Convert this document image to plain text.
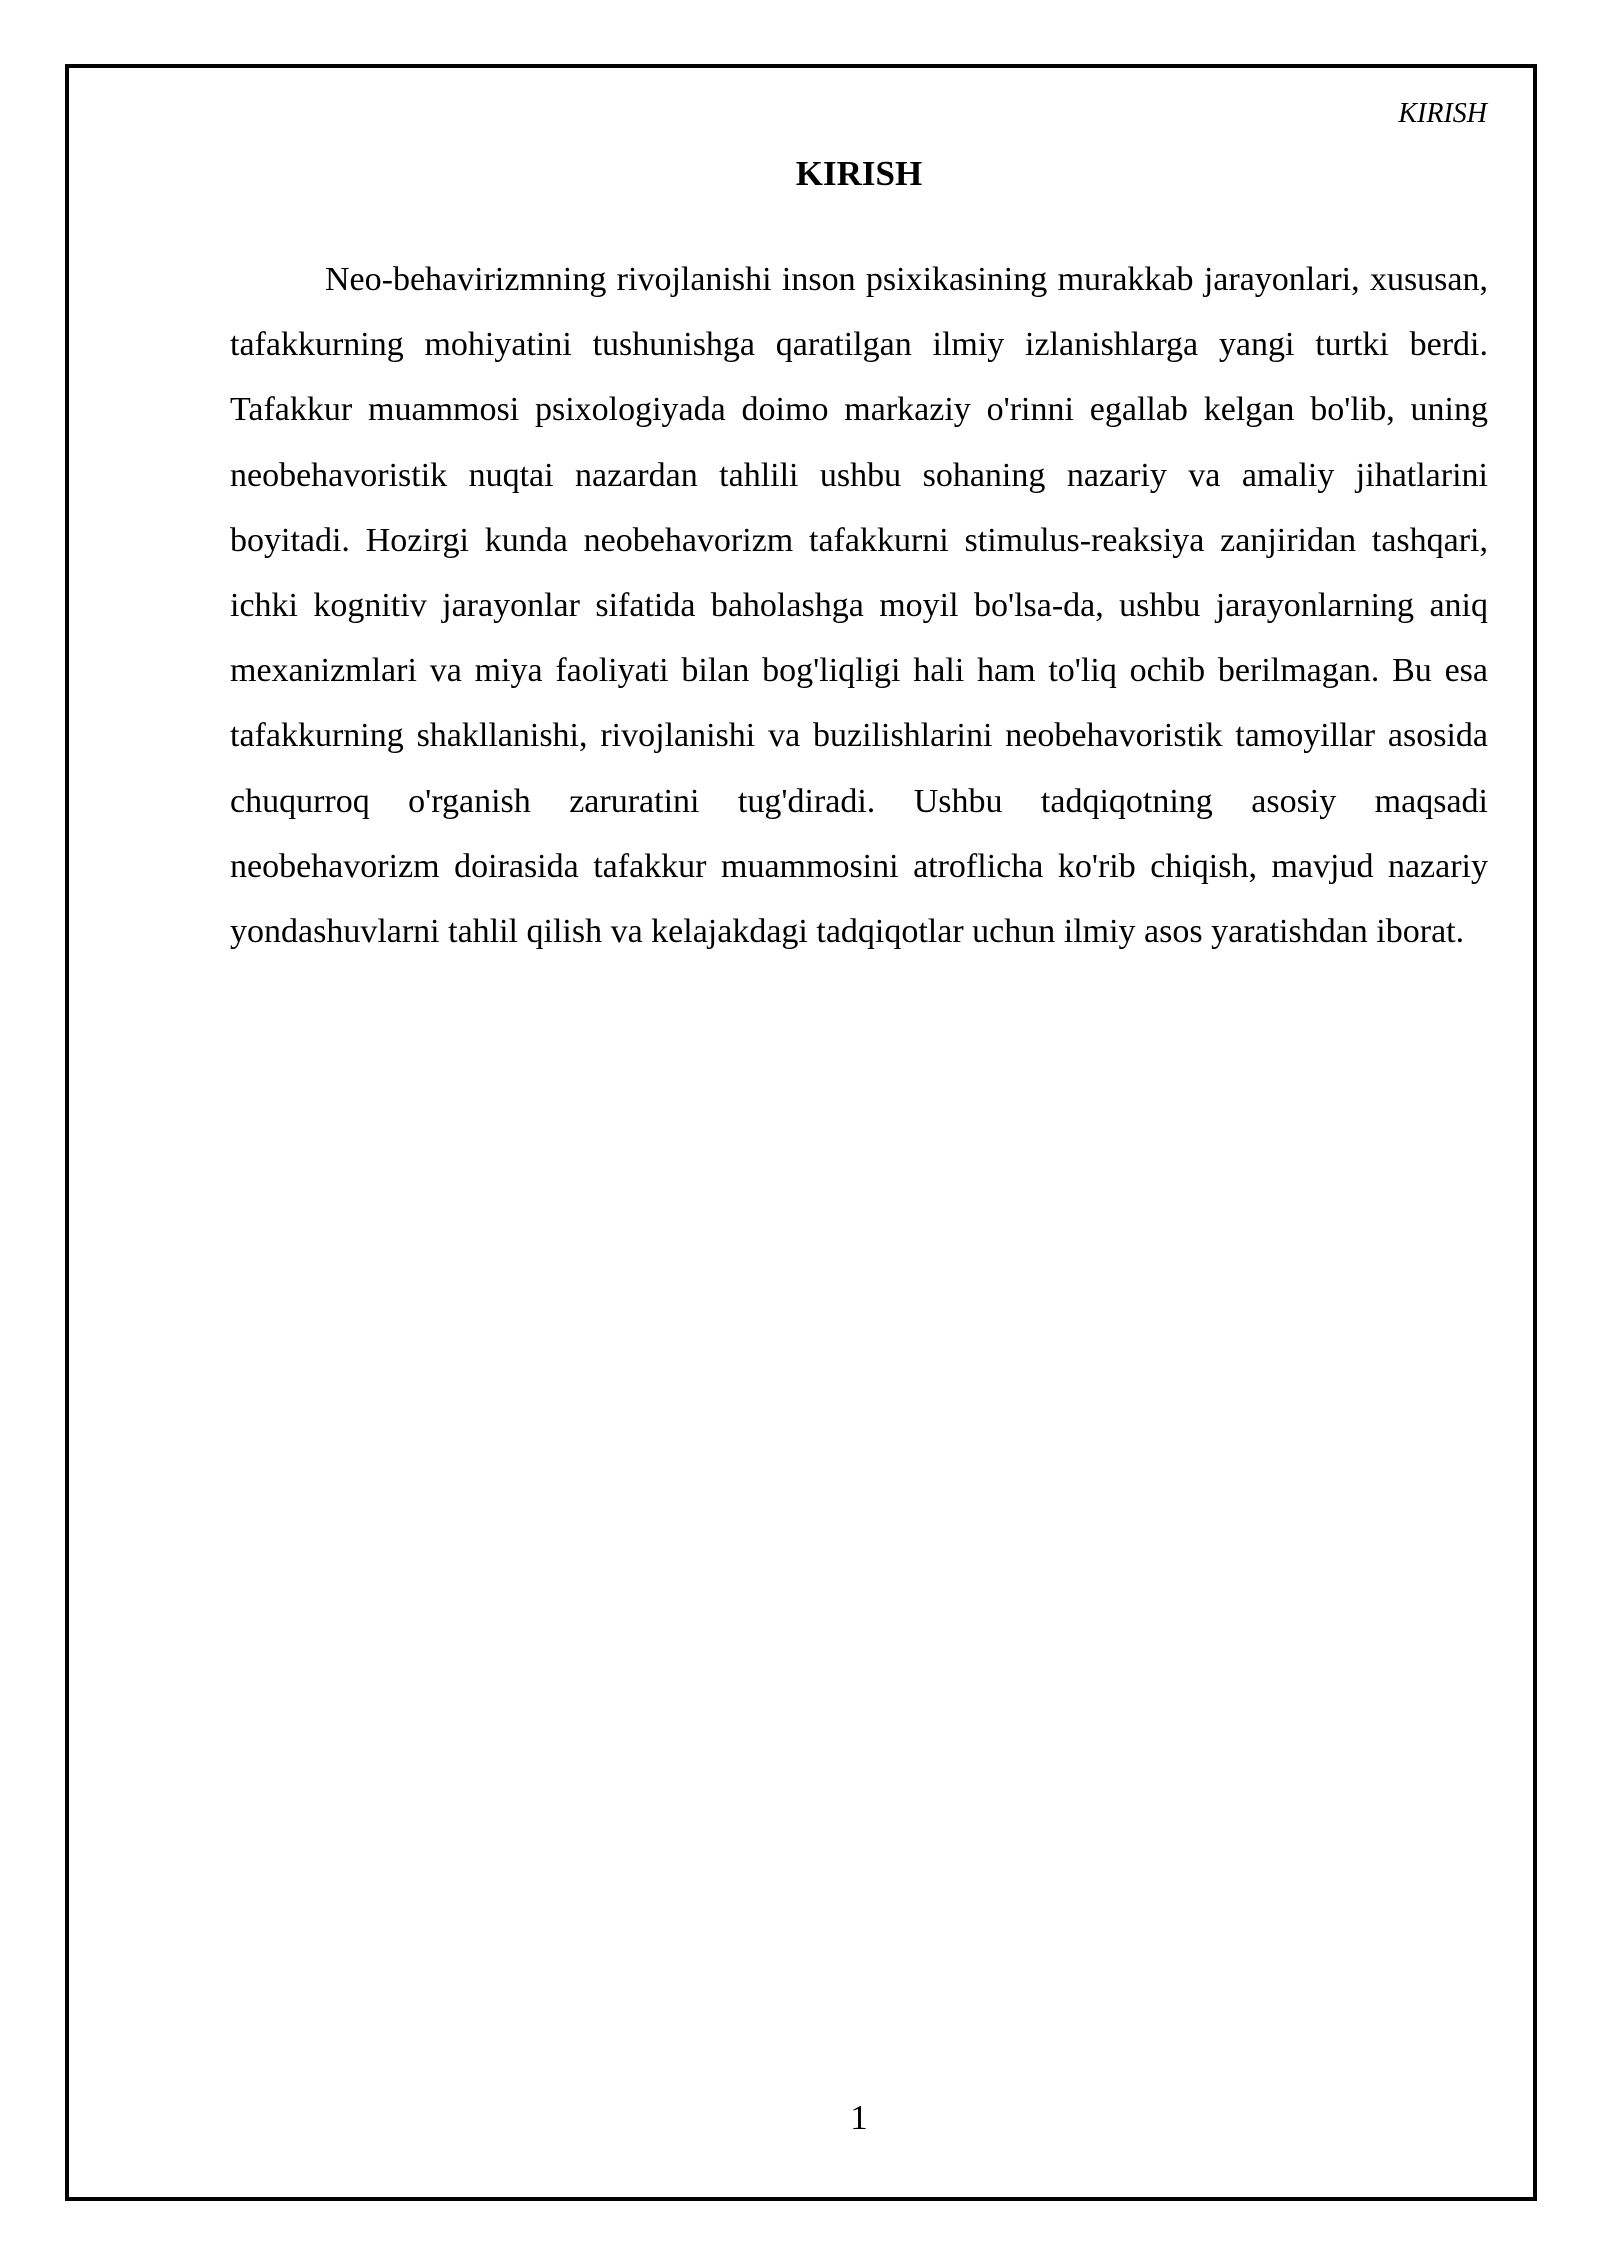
KIRISH
KIRISH

Neo-behavirizmning rivojlanishi inson psixikasining murakkab jarayonlari, xususan, tafakkurning mohiyatini tushunishga qaratilgan ilmiy izlanishlarga yangi turtki berdi. Tafakkur muammosi psixologiyada doimo markaziy o'rinni egallab kelgan bo'lib, uning neobehavoristik nuqtai nazardan tahlili ushbu sohaning nazariy va amaliy jihatlarini boyitadi. Hozirgi kunda neobehavorizm tafakkurni stimulus-reaksiya zanjiridan tashqari, ichki kognitiv jarayonlar sifatida baholashga moyil bo'lsa-da, ushbu jarayonlarning aniq mexanizmlari va miya faoliyati bilan bog'liqligi hali ham to'liq ochib berilmagan. Bu esa tafakkurning shakllanishi, rivojlanishi va buzilishlarini neobehavoristik tamoyillar asosida chuqurroq o'rganish zaruratini tug'diradi. Ushbu tadqiqotning asosiy maqsadi neobehavorizm doirasida tafakkur muammosini atroflicha ko'rib chiqish, mavjud nazariy yondashuvlarni tahlil qilish va kelajakdagi tadqiqotlar uchun ilmiy asos yaratishdan iborat.

1
